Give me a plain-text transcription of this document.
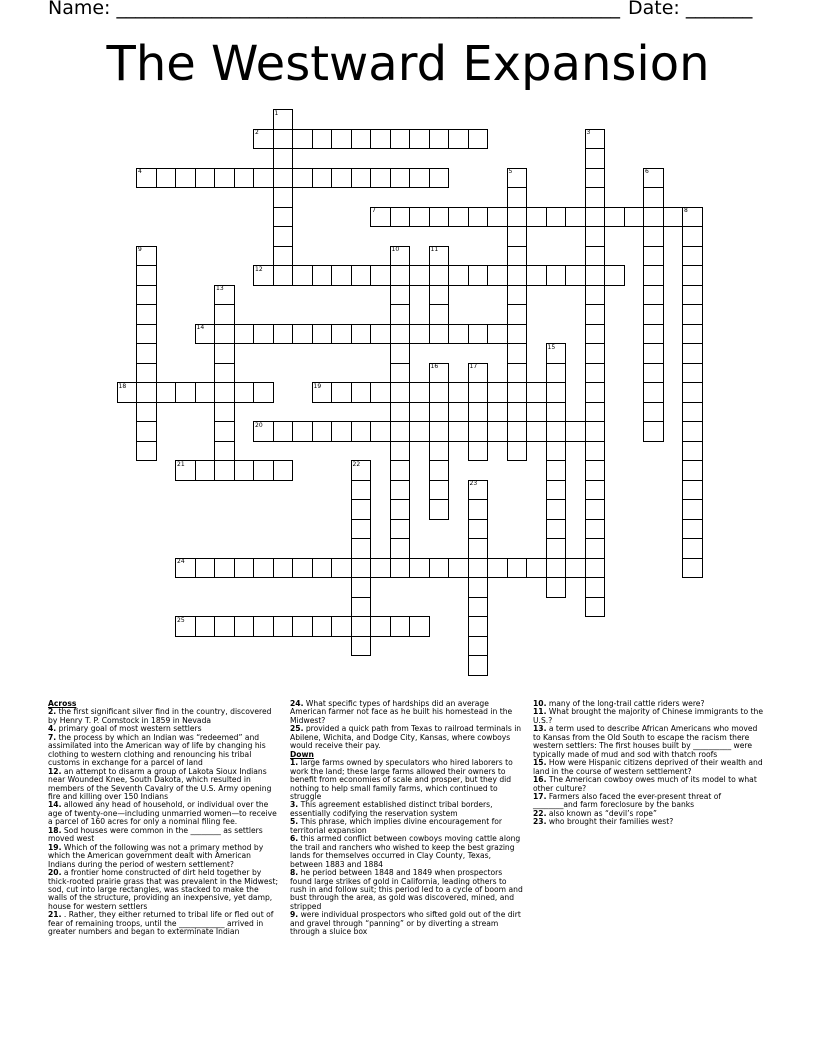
Name: _____________________________________________________ Date: _______
The Westward Expansion
2
4
7
12
14
18	19
20
21
24
25
1
3
5	6
8
9	10	11
13
15
16	17
22
23
Across

2. the first significant silver find in the country, discovered by Henry T. P. Comstock in 1859 in Nevada

4. primary goal of most western settlers

7. the process by which an Indian was “redeemed” and assimilated into the American way of life by changing his clothing to western clothing and renouncing his tribal customs in exchange for a parcel of land

12. an attempt to disarm a group of Lakota Sioux Indians near Wounded Knee, South Dakota, which resulted in members of the Seventh Cavalry of the U.S. Army opening fire and killing over 150 Indians

14. allowed any head of household, or individual over the age of twenty-one—including unmarried women—to receive a parcel of 160 acres for only a nominal filing fee.

18. Sod houses were common in the ________ as settlers moved west

19. Which of the following was not a primary method by which the American government dealt with American Indians during the period of western settlement?

20. a frontier home constructed of dirt held together by thick-rooted prairie grass that was prevalent in the Midwest; sod, cut into large rectangles, was stacked to make the walls of the structure, providing an inexpensive, yet damp, house for western settlers

21. . Rather, they either returned to tribal life or fled out of fear of remaining troops, until the ____________ arrived in greater numbers and began to exterminate Indian

24. What specific types of hardships did an average American farmer not face as he built his homestead in the Midwest?

25. provided a quick path from Texas to railroad terminals in Abilene, Wichita, and Dodge City, Kansas, where cowboys would receive their pay.

Down

1. large farms owned by speculators who hired laborers to work the land; these large farms allowed their owners to benefit from economies of scale and prosper, but they did nothing to help small family farms, which continued to struggle

3. This agreement established distinct tribal borders, essentially codifying the reservation system

5. This phrase, which implies divine encouragement for territorial expansion

6. this armed conflict between cowboys moving cattle along the trail and ranchers who wished to keep the best grazing lands for themselves occurred in Clay County, Texas, between 1883 and 1884

8. he period between 1848 and 1849 when prospectors found large strikes of gold in California, leading others to rush in and follow suit; this period led to a cycle of boom and bust through the area, as gold was discovered, mined, and stripped

9. were individual prospectors who sifted gold out of the dirt and gravel through “panning” or by diverting a stream through a sluice box

10. many of the long-trail cattle riders were?

11. What brought the majority of Chinese immigrants to the U.S.?

13. a term used to describe African Americans who moved to Kansas from the Old South to escape the racism there western settlers: The first houses built by __________ were typically made of mud and sod with thatch roofs

15. How were Hispanic citizens deprived of their wealth and land in the course of western settlement?

16. The American cowboy owes much of its model to what other culture?

17. Farmers also faced the ever-present threat of ________and farm foreclosure by the banks

22. also known as “devil’s rope”

23. who brought their families west?
